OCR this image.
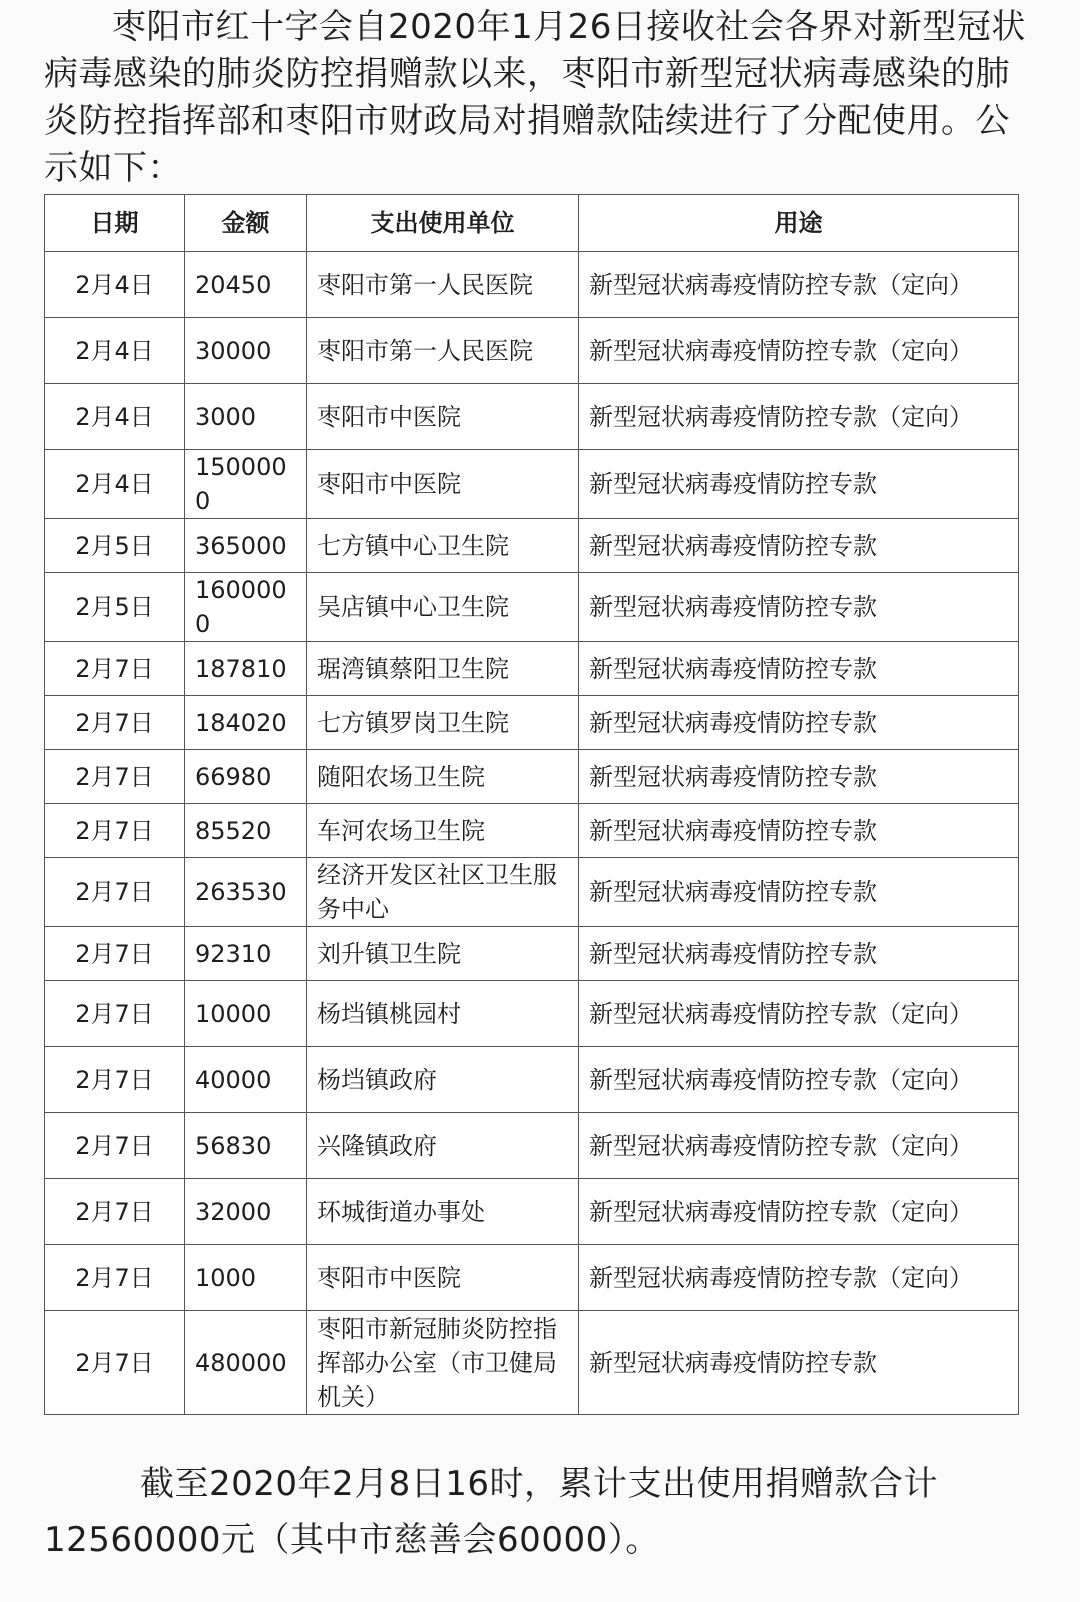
枣阳市红十字会自2020年1月26日接收社会各界对新型冠状病毒感染的肺炎防控捐赠款以来，枣阳市新型冠状病毒感染的肺炎防控指挥部和枣阳市财政局对捐赠款陆续进行了分配使用。公示如下：

日期	金额	支出使用单位	用途
2月4日	20450	枣阳市第一人民医院	新型冠状病毒疫情防控专款（定向）
2月4日	30000	枣阳市第一人民医院	新型冠状病毒疫情防控专款（定向）
2月4日	3000	枣阳市中医院	新型冠状病毒疫情防控专款（定向）
2月4日	1500000	枣阳市中医院	新型冠状病毒疫情防控专款
2月5日	365000	七方镇中心卫生院	新型冠状病毒疫情防控专款
2月5日	1600000	吴店镇中心卫生院	新型冠状病毒疫情防控专款
2月7日	187810	琚湾镇蔡阳卫生院	新型冠状病毒疫情防控专款
2月7日	184020	七方镇罗岗卫生院	新型冠状病毒疫情防控专款
2月7日	66980	随阳农场卫生院	新型冠状病毒疫情防控专款
2月7日	85520	车河农场卫生院	新型冠状病毒疫情防控专款
2月7日	263530	经济开发区社区卫生服务中心	新型冠状病毒疫情防控专款
2月7日	92310	刘升镇卫生院	新型冠状病毒疫情防控专款
2月7日	10000	杨垱镇桃园村	新型冠状病毒疫情防控专款（定向）
2月7日	40000	杨垱镇政府	新型冠状病毒疫情防控专款（定向）
2月7日	56830	兴隆镇政府	新型冠状病毒疫情防控专款（定向）
2月7日	32000	环城街道办事处	新型冠状病毒疫情防控专款（定向）
2月7日	1000	枣阳市中医院	新型冠状病毒疫情防控专款（定向）
2月7日	480000	枣阳市新冠肺炎防控指挥部办公室（市卫健局机关）	新型冠状病毒疫情防控专款

截至2020年2月8日16时，累计支出使用捐赠款合计12560000元（其中市慈善会60000）。
